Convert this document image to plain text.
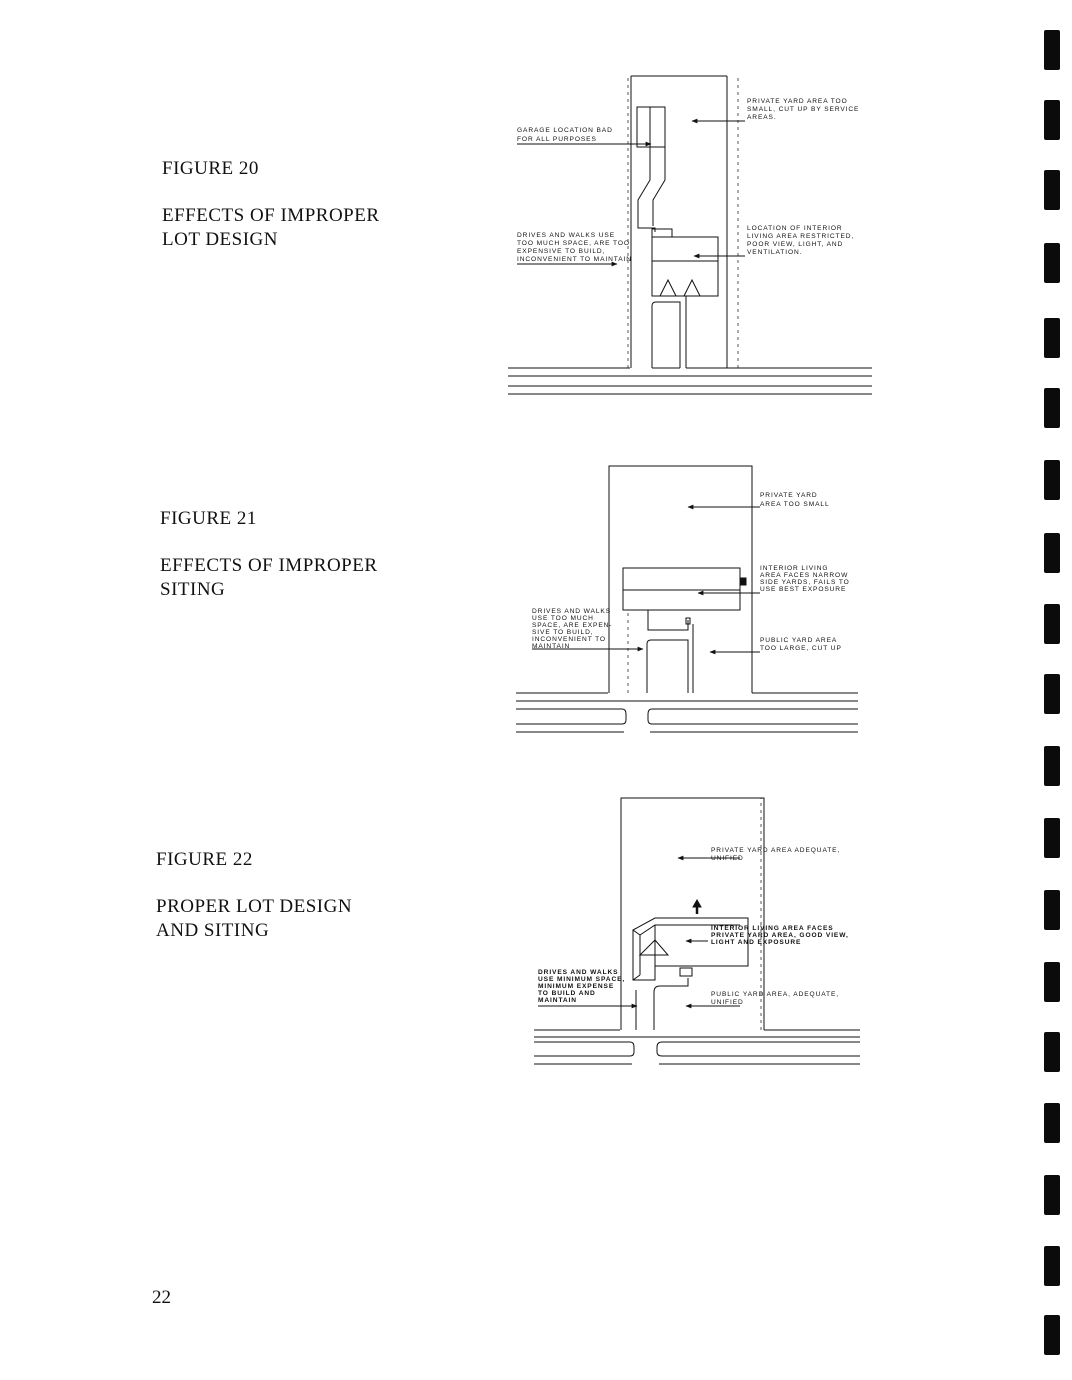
FIGURE 20
EFFECTS OF IMPROPER
LOT DESIGN
FIGURE 21
EFFECTS OF IMPROPER
SITING
FIGURE 22
PROPER LOT DESIGN
AND SITING
22
GARAGE LOCATION BAD
FOR ALL PURPOSES
DRIVES AND WALKS USE
TOO MUCH SPACE, ARE TOO
EXPENSIVE TO BUILD,
INCONVENIENT TO MAINTAIN
PRIVATE YARD AREA TOO
SMALL, CUT UP BY SERVICE
AREAS.
LOCATION OF INTERIOR
LIVING AREA RESTRICTED,
POOR VIEW, LIGHT, AND
VENTILATION.
PRIVATE YARD
AREA TOO SMALL
INTERIOR LIVING
AREA FACES NARROW
SIDE YARDS, FAILS TO
USE BEST EXPOSURE
DRIVES AND WALKS
USE TOO MUCH
SPACE, ARE EXPEN-
SIVE TO BUILD,
INCONVENIENT TO
MAINTAIN
PUBLIC YARD AREA
TOO LARGE, CUT UP
PRIVATE YARD AREA ADEQUATE,
UNIFIED
INTERIOR LIVING AREA FACES
PRIVATE YARD AREA, GOOD VIEW,
LIGHT AND EXPOSURE
DRIVES AND WALKS
USE MINIMUM SPACE,
MINIMUM EXPENSE
TO BUILD AND
MAINTAIN
PUBLIC YARD AREA, ADEQUATE,
UNIFIED
